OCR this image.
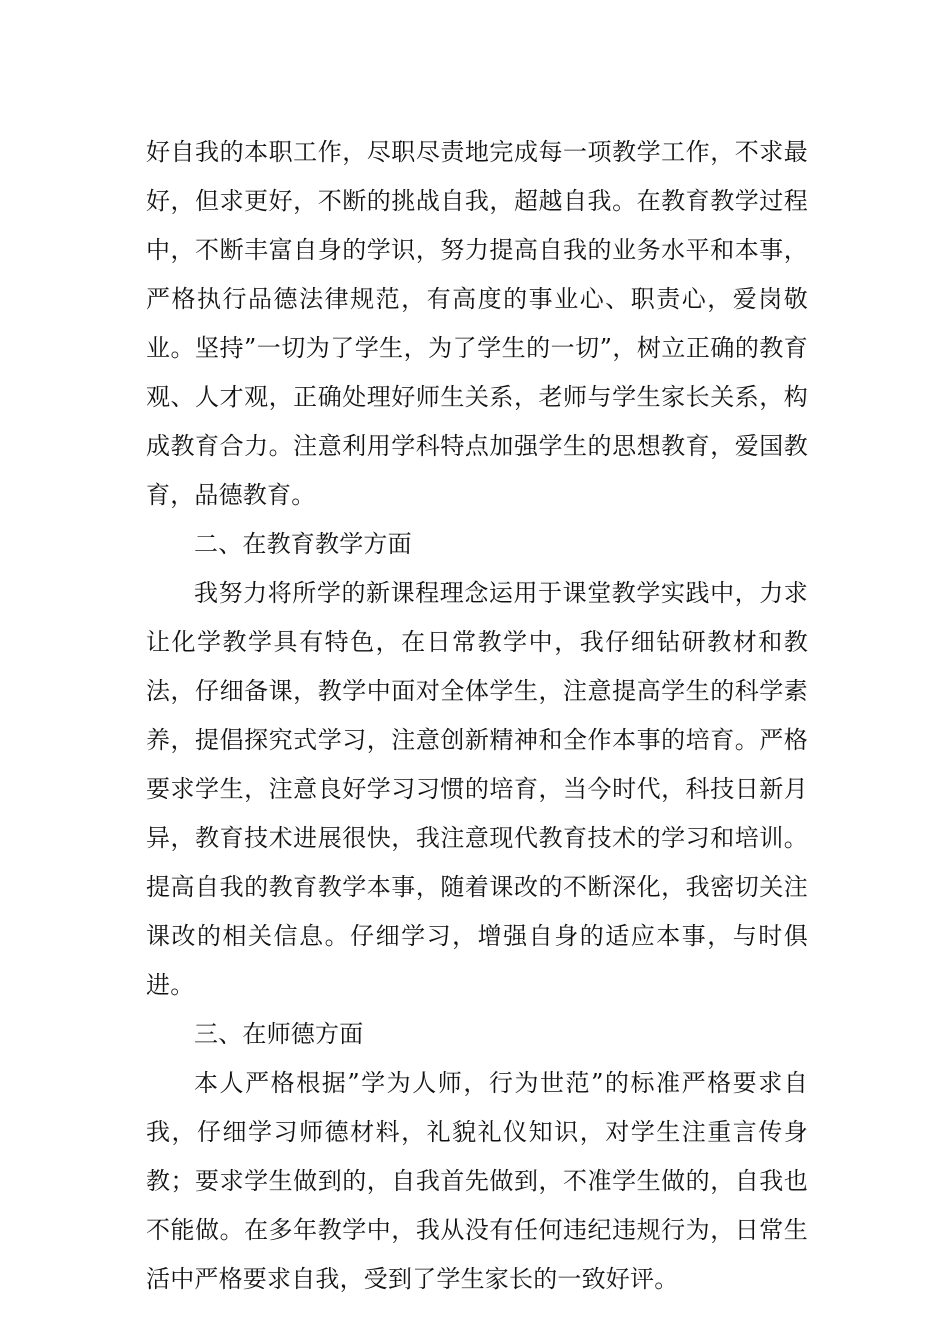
好自我的本职工作，尽职尽责地完成每一项教学工作，不求最好，但求更好，不断的挑战自我，超越自我。在教育教学过程中，不断丰富自身的学识，努力提高自我的业务水平和本事，严格执行品德法律规范，有高度的事业心、职责心，爱岗敬业。坚持”一切为了学生，为了学生的一切”，树立正确的教育观、人才观，正确处理好师生关系，老师与学生家长关系，构成教育合力。注意利用学科特点加强学生的思想教育，爱国教育，品德教育。

二、在教育教学方面

我努力将所学的新课程理念运用于课堂教学实践中，力求让化学教学具有特色，在日常教学中，我仔细钻研教材和教法，仔细备课，教学中面对全体学生，注意提高学生的科学素养，提倡探究式学习，注意创新精神和全作本事的培育。严格要求学生，注意良好学习习惯的培育，当今时代，科技日新月异，教育技术进展很快，我注意现代教育技术的学习和培训。提高自我的教育教学本事，随着课改的不断深化，我密切关注课改的相关信息。仔细学习，增强自身的适应本事，与时俱进。

三、在师德方面

本人严格根据”学为人师，行为世范”的标准严格要求自我，仔细学习师德材料，礼貌礼仪知识，对学生注重言传身教；要求学生做到的，自我首先做到，不准学生做的，自我也不能做。在多年教学中，我从没有任何违纪违规行为，日常生活中严格要求自我，受到了学生家长的一致好评。
